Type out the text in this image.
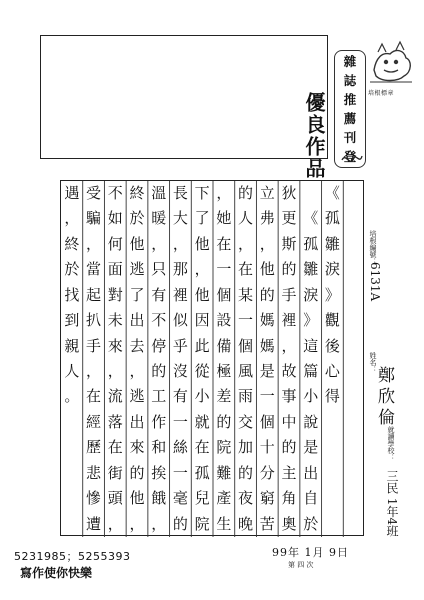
培根標章
雜
誌
推
薦
刊
登
優良作品
《
孤
雛
淚
》
觀
後
心
得
《
孤
雛
淚
》
這
篇
小
說
是
出
自
於
狄
更
斯
的
手
裡
，
故
事
中
的
主
角
奧
立
弗
，
他
的
媽
媽
是
一
個
十
分
窮
苦
的
人
，
在
某
一
個
風
雨
交
加
的
夜
晚
，
她
在
一
個
設
備
極
差
的
院
難
產
生
下
了
他
，
他
因
此
從
小
就
在
孤
兒
院
長
大
，
那
裡
似
乎
沒
有
一
絲
一
毫
的
溫
暖
，
只
有
不
停
的
工
作
和
挨
餓
，
終
於
他
逃
了
出
去
，
逃
出
來
的
他
，
不
如
何
面
對
未
來
，
流
落
在
街
頭
，
受
騙
，
當
起
扒
手
，
在
經
歷
悲
慘
遭
遇
，
終
於
找
到
親
人
。
培根編號：
6131A
姓名：
鄭欣倫
就讀學校：
三民 1年4班
5231985；5255393
寫作使你快樂
99年 1月 9日
第 四 次
